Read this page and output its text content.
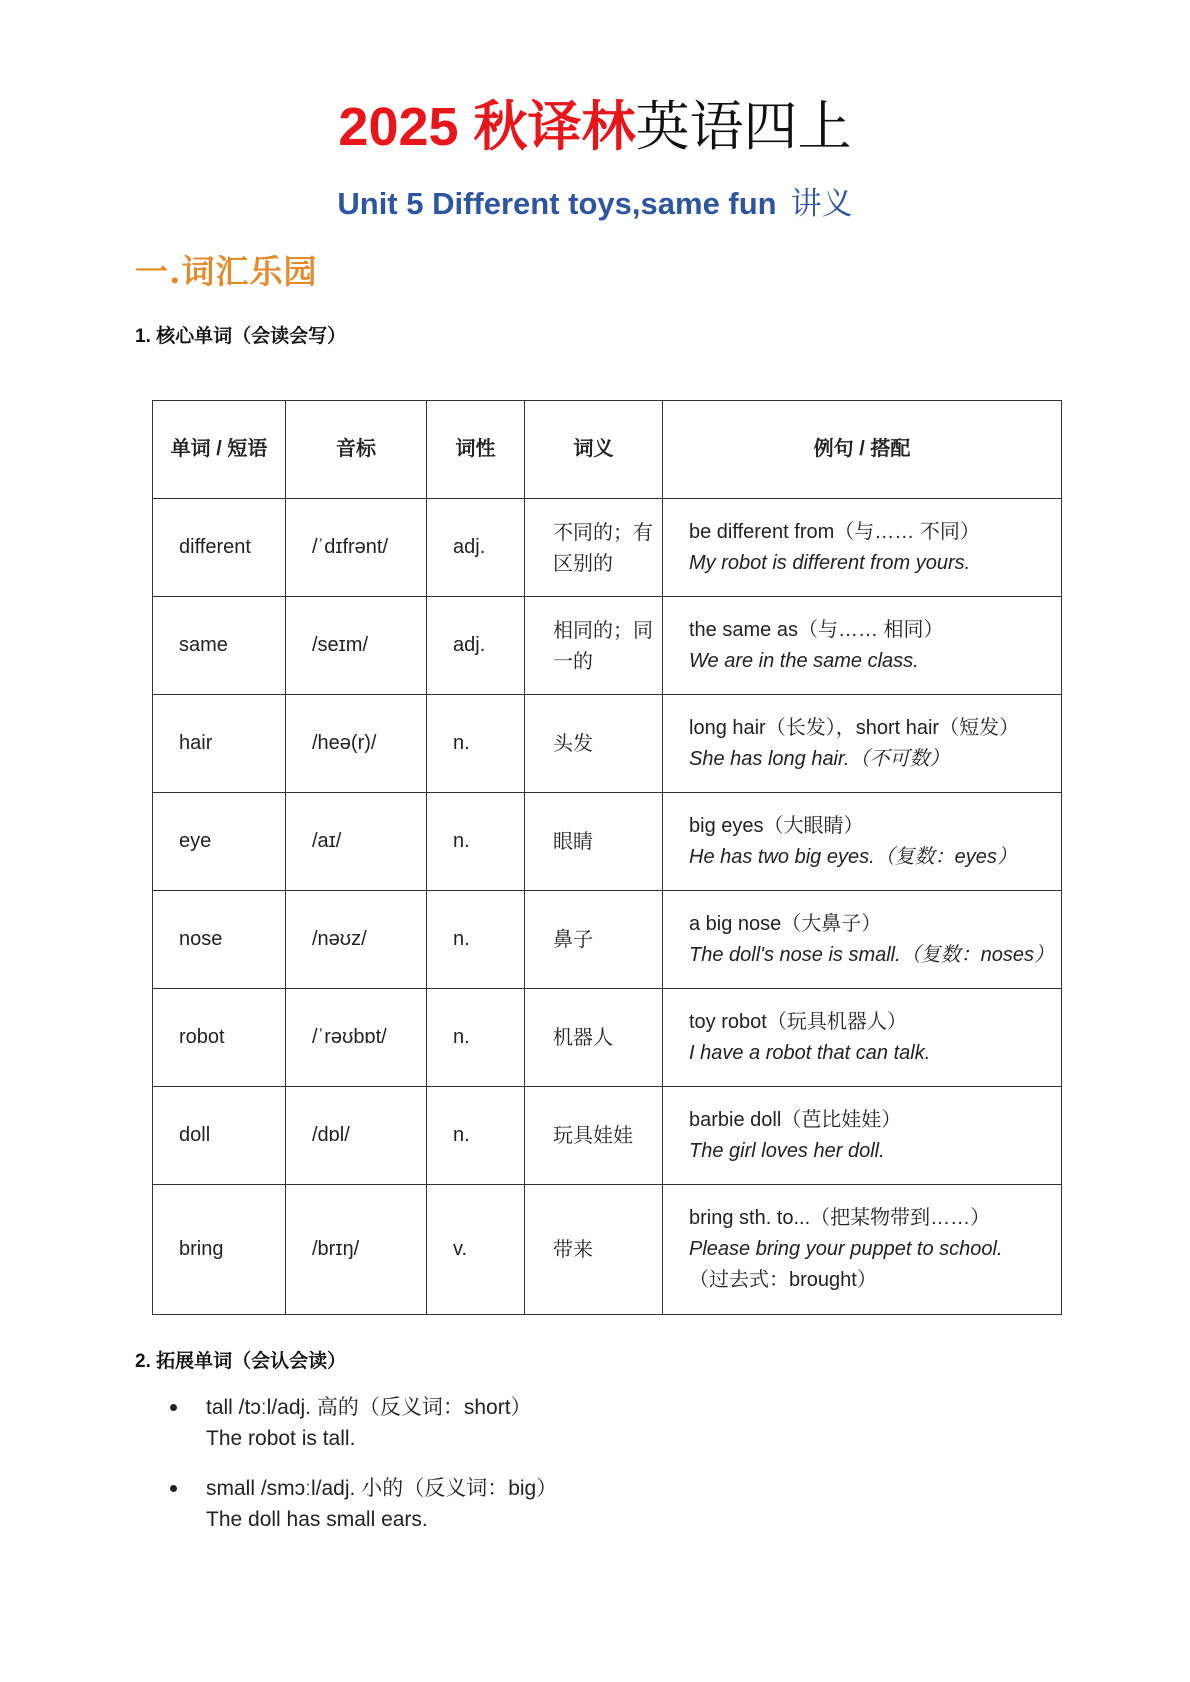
2025 秋译林英语四上
Unit 5 Different toys,same fun 讲义
一.词汇乐园
1. 核心单词（会读会写）
单词 / 短语	音标	词性	词义	例句 / 搭配
different	/ˈdɪfrənt/	adj.	不同的；有区别的	be different from（与…… 不同）
My robot is different from yours.

same	/seɪm/	adj.	相同的；同一的	the same as（与…… 相同）
We are in the same class.

hair	/heə(r)/	n.	头发	long hair（长发），short hair（短发）
She has long hair.（不可数）

eye	/aɪ/	n.	眼睛	big eyes（大眼睛）
He has two big eyes.（复数：eyes）

nose	/nəʊz/	n.	鼻子	a big nose（大鼻子）
The doll's nose is small.（复数：noses）

robot	/ˈrəʊbɒt/	n.	机器人	toy robot（玩具机器人）
I have a robot that can talk.

doll	/dɒl/	n.	玩具娃娃	barbie doll（芭比娃娃）
The girl loves her doll.

bring	/brɪŋ/	v.	带来	bring sth. to...（把某物带到……）
Please bring your puppet to school.
（过去式：brought）
2. 拓展单词（会认会读）
tall /tɔːl/adj. 高的（反义词：short）
The robot is tall.
small /smɔːl/adj. 小的（反义词：big）
The doll has small ears.
